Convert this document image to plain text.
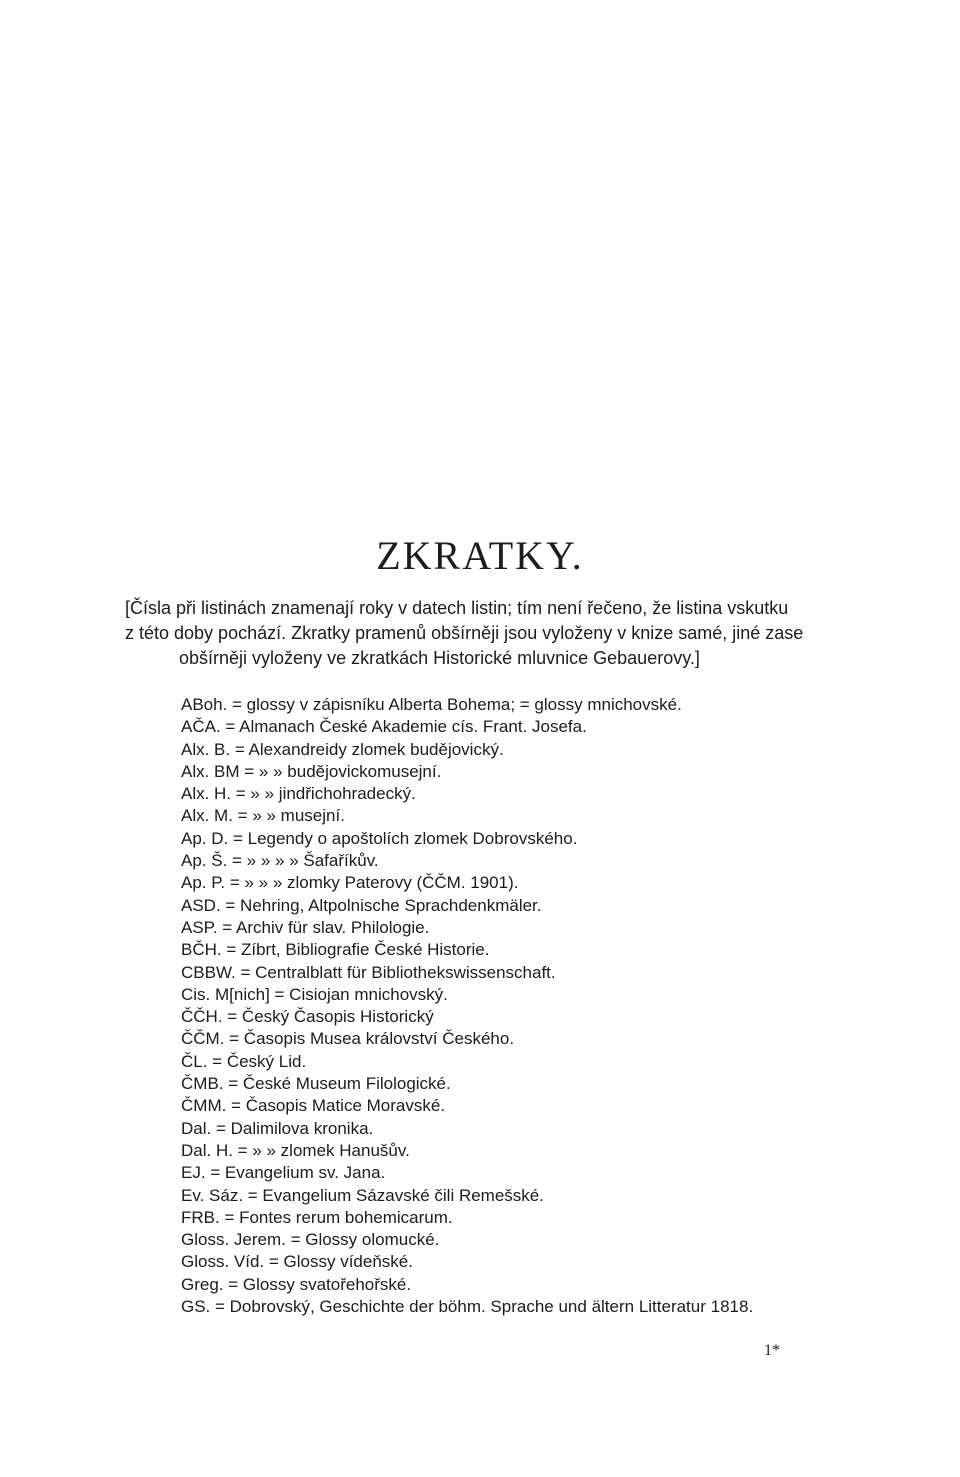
ZKRATKY.
[Čísla při listinách znamenají roky v datech listin; tím není řečeno, že listina vskutku
z této doby pochází. Zkratky pramenů obšírněji jsou vyloženy v knize samé, jiné zase
obšírněji vyloženy ve zkratkách Historické mluvnice Gebauerovy.]
ABoh. = glossy v zápisníku Alberta Bohema; = glossy mnichovské.
AČA. = Almanach České Akademie cís. Frant. Josefa.
Alx. B. = Alexandreidy zlomek budějovický.
Alx. BM = » » budějovickomusejní.
Alx. H. = » » jindřichohradecký.
Alx. M. = » » musejní.
Ap. D. = Legendy o apoštolích zlomek Dobrovského.
Ap. Š. = » » » » Šafaříkův.
Ap. P. = » » » zlomky Paterovy (ČČM. 1901).
ASD. = Nehring, Altpolnische Sprachdenkmäler.
ASP. = Archiv für slav. Philologie.
BČH. = Zíbrt, Bibliografie České Historie.
CBBW. = Centralblatt für Bibliothekswissenschaft.
Cis. M[nich] = Cisiojan mnichovský.
ČČH. = Český Časopis Historický
ČČM. = Časopis Musea království Českého.
ČL. = Český Lid.
ČMB. = České Museum Filologické.
ČMM. = Časopis Matice Moravské.
Dal. = Dalimilova kronika.
Dal. H. = » » zlomek Hanušův.
EJ. = Evangelium sv. Jana.
Ev. Sáz. = Evangelium Sázavské čili Remešské.
FRB. = Fontes rerum bohemicarum.
Gloss. Jerem. = Glossy olomucké.
Gloss. Víd. = Glossy vídeňské.
Greg. = Glossy svatořehořské.
GS. = Dobrovský, Geschichte der böhm. Sprache und ältern Litteratur 1818.
1*
